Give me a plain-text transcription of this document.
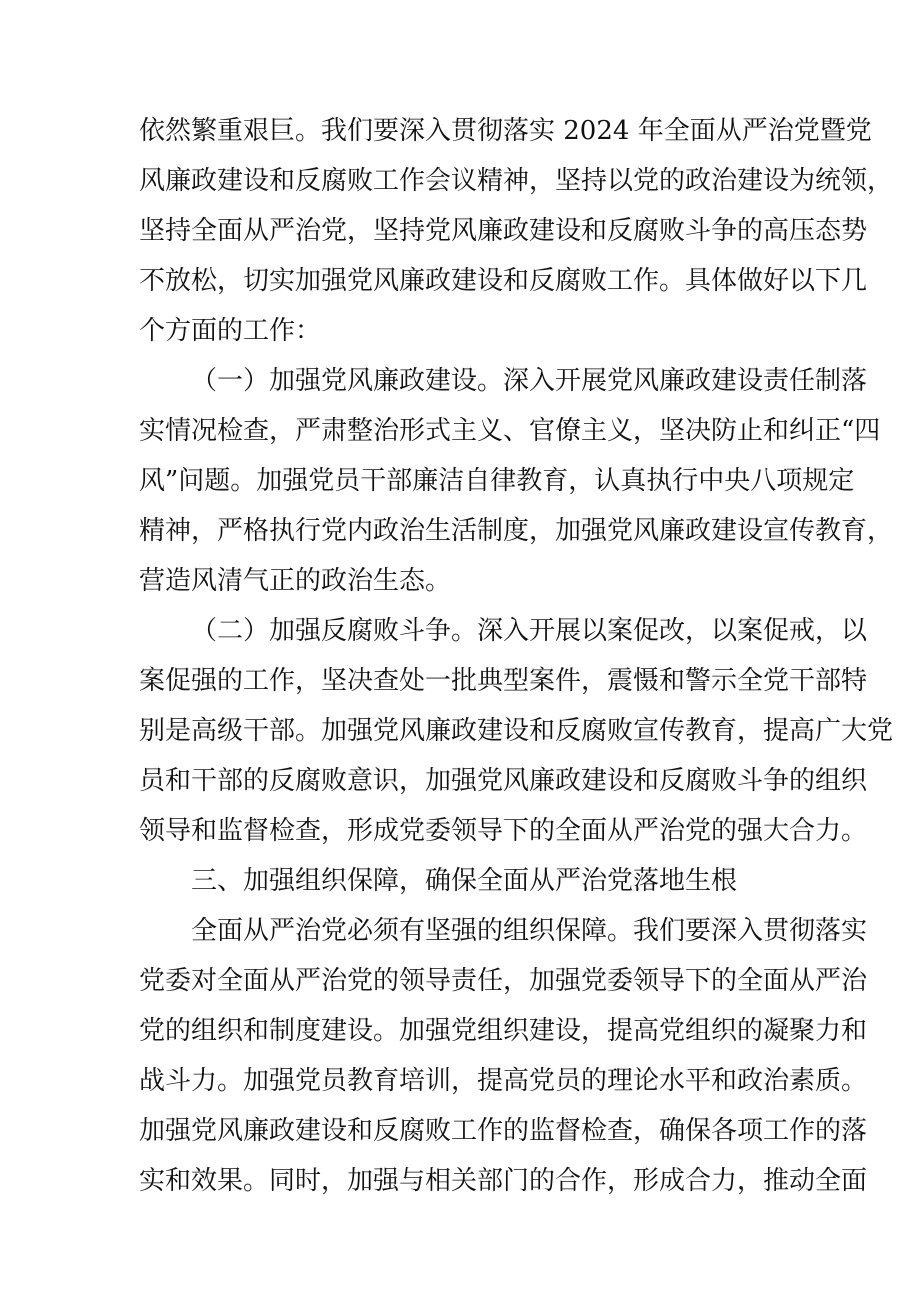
依然繁重艰巨。我们要深入贯彻落实 2024 年全面从严治党暨党
风廉政建设和反腐败工作会议精神，坚持以党的政治建设为统领，
坚持全面从严治党，坚持党风廉政建设和反腐败斗争的高压态势
不放松，切实加强党风廉政建设和反腐败工作。具体做好以下几
个方面的工作：
（一）加强党风廉政建设。深入开展党风廉政建设责任制落
实情况检查，严肃整治形式主义、官僚主义，坚决防止和纠正“四
风”问题。加强党员干部廉洁自律教育，认真执行中央八项规定
精神，严格执行党内政治生活制度，加强党风廉政建设宣传教育，
营造风清气正的政治生态。
（二）加强反腐败斗争。深入开展以案促改，以案促戒，以
案促强的工作，坚决查处一批典型案件，震慑和警示全党干部特
别是高级干部。加强党风廉政建设和反腐败宣传教育，提高广大党
员和干部的反腐败意识，加强党风廉政建设和反腐败斗争的组织
领导和监督检查，形成党委领导下的全面从严治党的强大合力。
三、加强组织保障，确保全面从严治党落地生根
全面从严治党必须有坚强的组织保障。我们要深入贯彻落实
党委对全面从严治党的领导责任，加强党委领导下的全面从严治
党的组织和制度建设。加强党组织建设，提高党组织的凝聚力和
战斗力。加强党员教育培训，提高党员的理论水平和政治素质。
加强党风廉政建设和反腐败工作的监督检查，确保各项工作的落
实和效果。同时，加强与相关部门的合作，形成合力，推动全面
